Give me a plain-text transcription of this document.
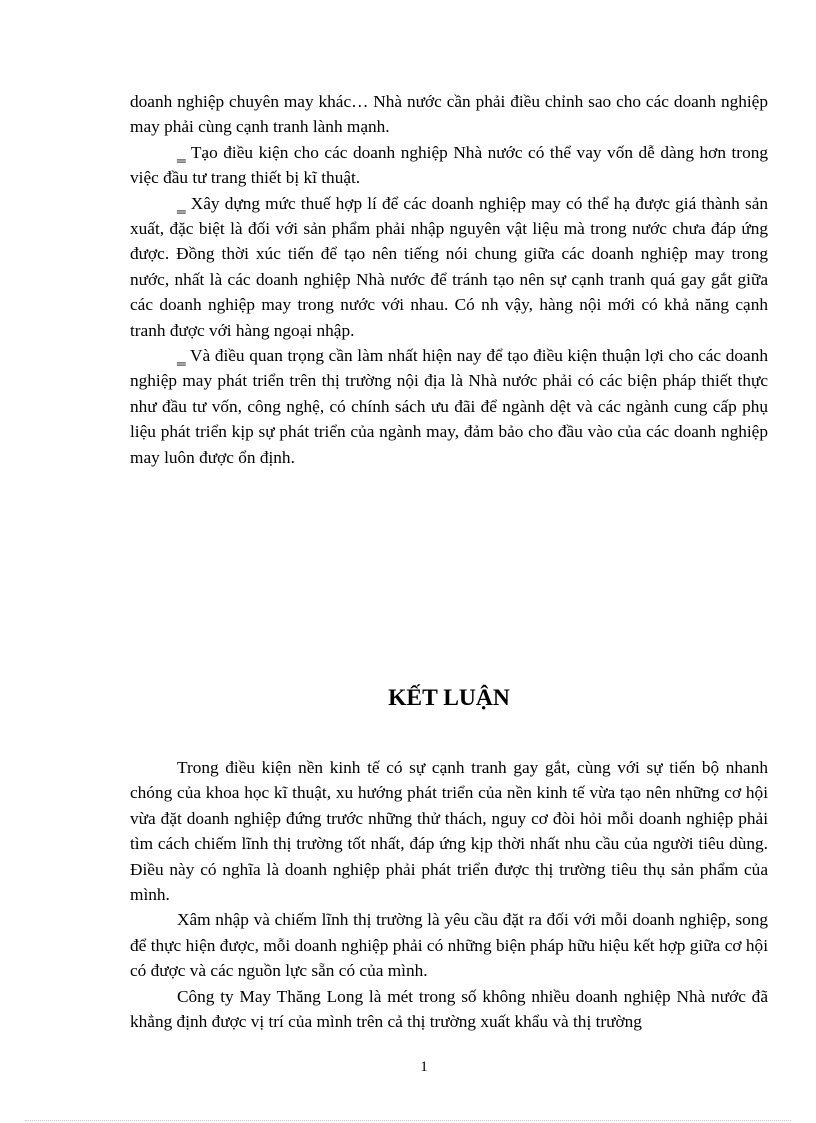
doanh nghiệp chuyên may khác… Nhà nước cần phải điều chỉnh sao cho các doanh nghiệp may phải cùng cạnh tranh lành mạnh.

‗ Tạo điều kiện cho các doanh nghiệp Nhà nước có thể vay vốn dễ dàng hơn trong việc đầu tư trang thiết bị kĩ thuật.

‗ Xây dựng mức thuế hợp lí để các doanh nghiệp may có thể hạ được giá thành sản xuất, đặc biệt là đối với sản phẩm phải nhập nguyên vật liệu mà trong nước chưa đáp ứng được. Đồng thời xúc tiến để tạo nên tiếng nói chung giữa các doanh nghiệp may trong nước, nhất là các doanh nghiệp Nhà nước để tránh tạo nên sự cạnh tranh quá gay gắt giữa các doanh nghiệp may trong nước với nhau. Có nh vậy, hàng nội mới có khả năng cạnh tranh được với hàng ngoại nhập.

‗ Và điều quan trọng cần làm nhất hiện nay để tạo điều kiện thuận lợi cho các doanh nghiệp may phát triển trên thị trường nội địa là Nhà nước phải có các biện pháp thiết thực như đầu tư vốn, công nghệ, có chính sách ưu đãi để ngành dệt và các ngành cung cấp phụ liệu phát triển kịp sự phát triển của ngành may, đảm bảo cho đầu vào của các doanh nghiệp may luôn được ổn định.

KẾT LUẬN

Trong điều kiện nền kinh tế có sự cạnh tranh gay gắt, cùng với sự tiến bộ nhanh chóng của khoa học kĩ thuật, xu hướng phát triển của nền kinh tế vừa tạo nên những cơ hội vừa đặt doanh nghiệp đứng trước những thử thách, nguy cơ đòi hỏi mỗi doanh nghiệp phải tìm cách chiếm lĩnh thị trường tốt nhất, đáp ứng kịp thời nhất nhu cầu của người tiêu dùng. Điều này có nghĩa là doanh nghiệp phải phát triển được thị trường tiêu thụ sản phẩm của mình.

Xâm nhập và chiếm lĩnh thị trường là yêu cầu đặt ra đối với mỗi doanh nghiệp, song để thực hiện được, mỗi doanh nghiệp phải có những biện pháp hữu hiệu kết hợp giữa cơ hội có được và các nguồn lực sẵn có của mình.

Công ty May Thăng Long là mét trong số không nhiều doanh nghiệp Nhà nước đã khẳng định được vị trí của mình trên cả thị trường xuất khẩu và thị trường

1
